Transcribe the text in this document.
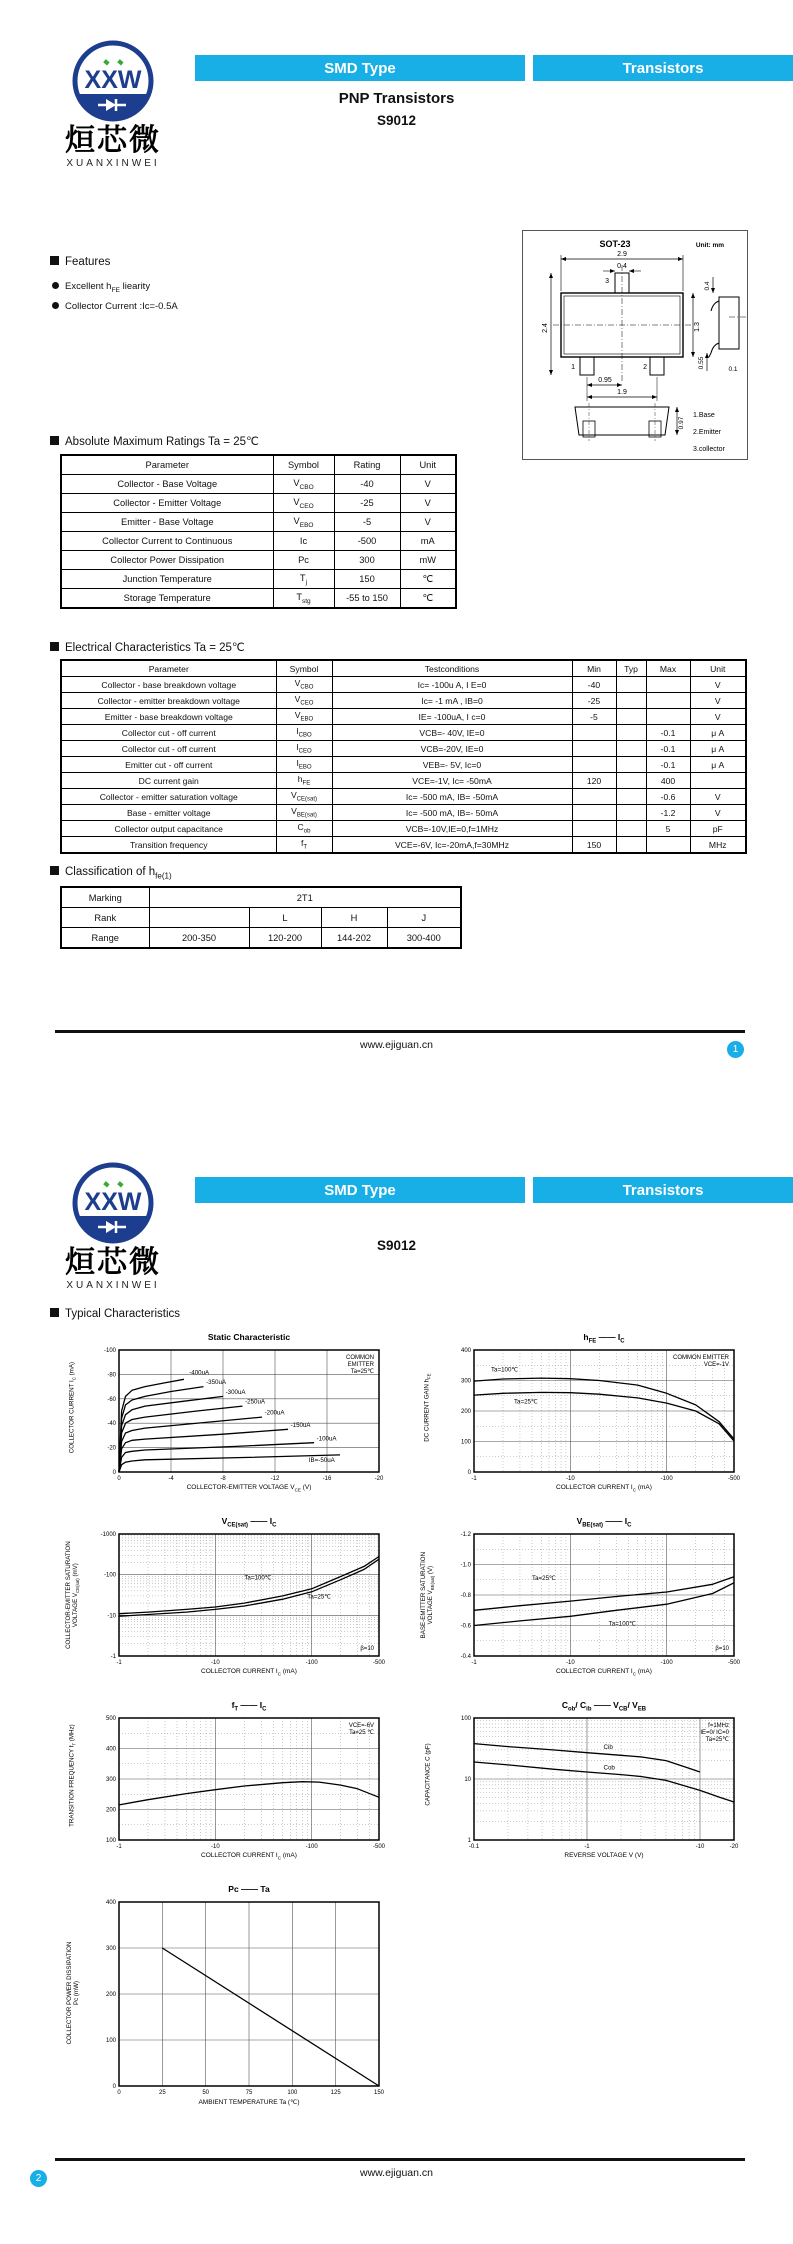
XXW
烜芯微
XUANXINWEI
SMD Type	Transistors
PNP Transistors
S9012
Features
Excellent $h_{FE}$ liearity
Collector Current :Ic=-0.5A
SOT-23	Unit: mm
2.9
0.4
3
1	2
2.4	1.3
0.95
1.9
0.4
0.55
0.1
0.97
1.Base
2.Emitter
3.collector
Absolute Maximum Ratings Ta = 25℃
Parameter	Symbol	Rating	Unit
Collector - Base Voltage	$V_{CBO}$	-40	V
Collector - Emitter Voltage	$V_{CEO}$	-25	V
Emitter - Base Voltage	$V_{EBO}$	-5	V
Collector Current to Continuous	Ic	-500	mA
Collector Power Dissipation	Pc	300	mW
Junction Temperature	$T_j$	150	℃
Storage Temperature	$T_{stg}$	-55 to 150	℃
Electrical Characteristics Ta = 25℃
Parameter	Symbol	Testconditions	Min	Typ	Max	Unit
Collector - base breakdown voltage	$V_{CBO}$	Ic= -100u A, I E=0	-40			V
Collector - emitter breakdown voltage	$V_{CEO}$	Ic= -1 mA , IB=0	-25			V
Emitter - base breakdown voltage	$V_{EBO}$	IE= -100uA, I c=0	-5			V
Collector cut - off current	$I_{CBO}$	VCB=- 40V, IE=0			-0.1	μ A
Collector cut - off current	$I_{CEO}$	VCB=-20V, IE=0			-0.1	μ A
Emitter cut - off current	$I_{EBO}$	VEB=- 5V, Ic=0			-0.1	μ A
DC current gain	$h_{FE}$	VCE=-1V, Ic= -50mA	120		400	
Collector - emitter saturation voltage	$V_{CE(sat)}$	Ic= -500 mA, IB= -50mA			-0.6	V
Base - emitter voltage	$V_{BE(sat)}$	Ic= -500 mA, IB=- 50mA			-1.2	V
Collector output capacitance	$C_{ob}$	VCB=-10V,IE=0,f=1MHz			5	pF
Transition frequency	$f_T$	VCE=-6V, Ic=-20mA,f=30MHz	150			MHz
Classification of $h_{fe(1)}$
Marking	2T1			
Rank		L	H	J
Range	200-350	120-200	144-202	300-400
www.ejiguan.cn	1
XXW
烜芯微
XUANXINWEI
SMD Type	Transistors
S9012
Typical Characteristics
0	-4	-8	-12	-16	-20
0
-20
-40
-60
-80
-100
-400uA
-350uA
-300uA
-250uA
-200uA
-150uA
-100uA
IB=-50uA
COMMON
EMITTER
Ta=25℃
Static Characteristic
COLLECTOR-EMITTER VOLTAGE $V_{CE}$ (V)
COLLECTOR CURRENT $I_C$ (mA)
-1	-10	-100	-500
0
100
200
300
400
Ta=100℃
Ta=25℃
COMMON EMITTER
VCE=-1V
$h_{FE}$ ―― $I_C$
COLLECTOR CURRENT $I_C$ (mA)
DC CURRENT GAIN $h_{FE}$
-1	-10	-100	-500
-1
-10
-100
-1000
Ta=100℃
Ta=25℃
β=10
$V_{CE(sat)}$ ―― $I_C$
COLLECTOR CURRENT $I_C$ (mA)
COLLECTOR-EMITTER SATURATION
VOLTAGE $V_{CE(sat)}$ (mV)
-1	-10	-100	-500
-0.4
-0.6
-0.8
-1.0
-1.2
Ta=25℃
Ta=100℃
β=10
$V_{BE(sat)}$ ―― $I_C$
COLLECTOR CURRENT $I_C$ (mA)
BASE-EMITTER SATURATION
VOLTAGE $V_{BE(sat)}$ (V)
-1	-10	-100	-500
100
200
300
400
500
VCE=-6V
Ta=25 ℃
$f_T$ ―― $I_C$
COLLECTOR CURRENT $I_C$ (mA)
TRANSITION FREQUENCY $f_T$ (MHz)
-0.1	-1	-10	-20
1
10
100
Cib
Cob
f=1MHz
IE=0/ IC=0
Ta=25℃
$C_{ob}/$ $C_{ib}$ ―― $V_{CB}/$ $V_{EB}$
REVERSE VOLTAGE V (V)
CAPACITANCE C (pF)
0	25	50	75	100	125	150
0
100
200
300
400
Pc ―― Ta
AMBIENT TEMPERATURE Ta (℃)
COLLECTOR POWER DISSIPATION
Pc (mW)
www.ejiguan.cn
2
